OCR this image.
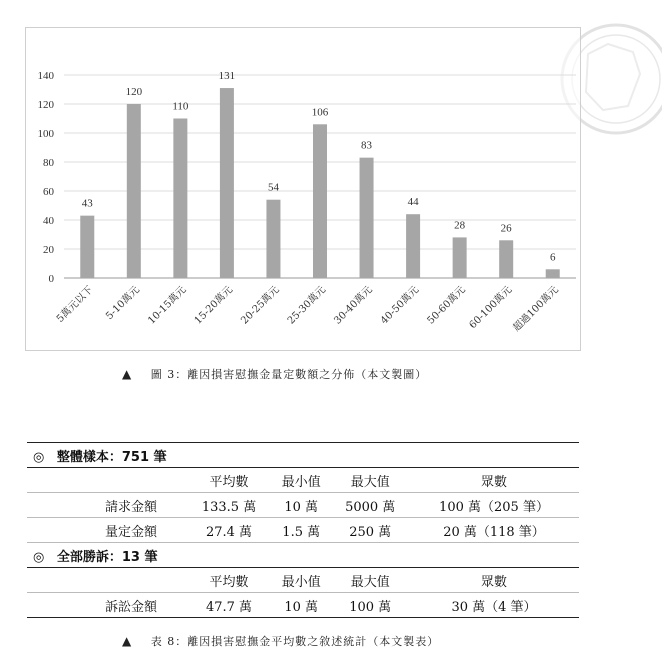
0
20
40
60
80
100
120
140
43
5萬元以下
120
5-10萬元
110
10-15萬元
131
15-20萬元
54
20-25萬元
106
25-30萬元
83
30-40萬元
44
40-50萬元
28
50-60萬元
26
60-100萬元
6
超過100萬元
▲ 圖 3：離因損害慰撫金量定數額之分佈（本文製圖）
◎ 整體樣本：751 筆				
	平均數	最小值	最大值	眾數
請求金額	133.5 萬	10 萬	5000 萬	100 萬（205 筆）
量定金額	27.4 萬	1.5 萬	250 萬	20 萬（118 筆）
◎ 全部勝訴：13 筆				
	平均數	最小值	最大值	眾數
訴訟金額	47.7 萬	10 萬	100 萬	30 萬（4 筆）
▲ 表 8：離因損害慰撫金平均數之敘述統計（本文製表）
